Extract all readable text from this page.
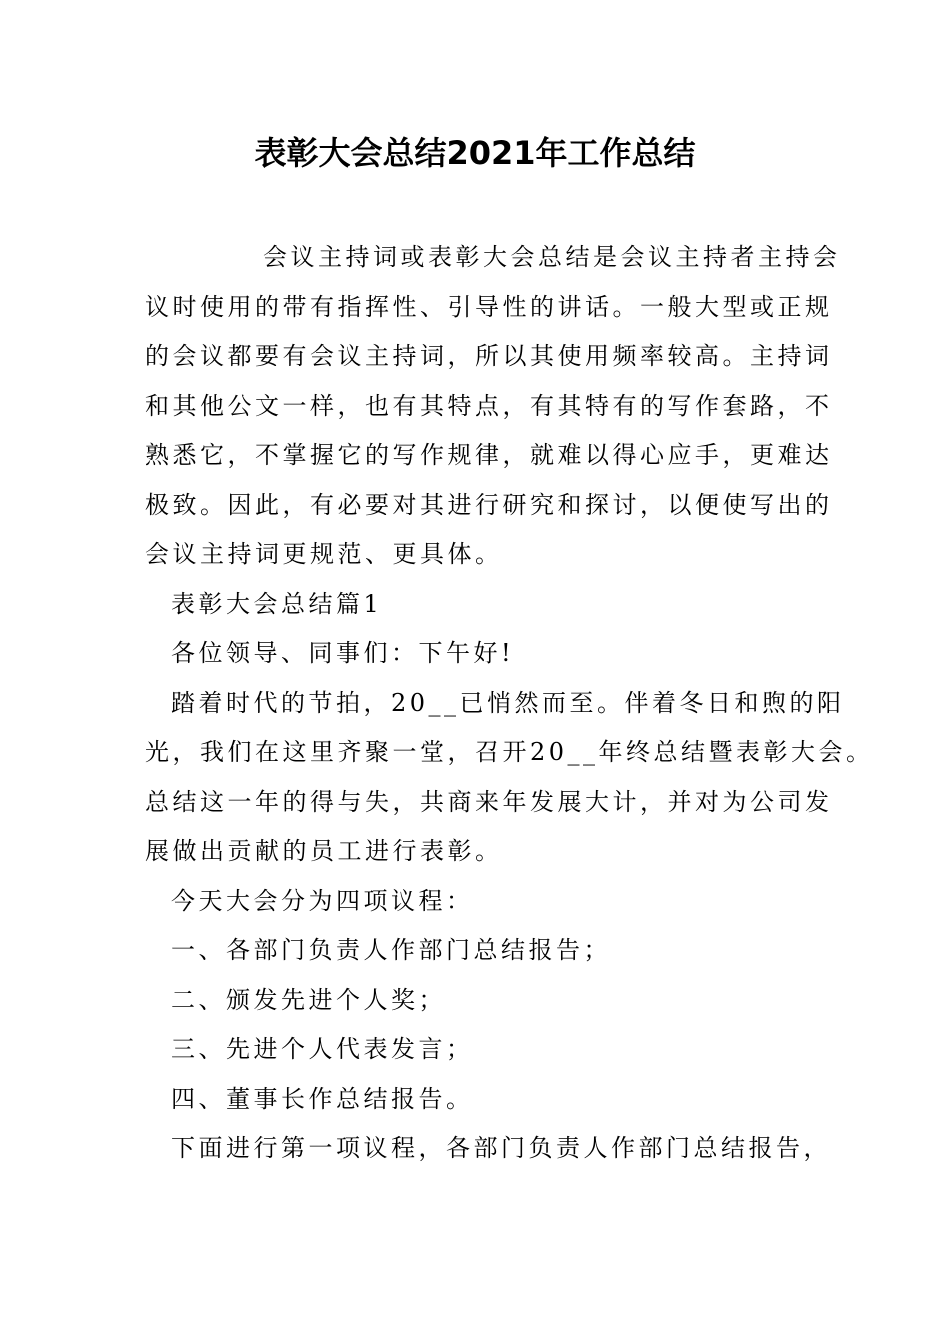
表彰大会总结2021年工作总结
会议主持词或表彰大会总结是会议主持者主持会
议时使用的带有指挥性、引导性的讲话。一般大型或正规
的会议都要有会议主持词，所以其使用频率较高。主持词
和其他公文一样，也有其特点，有其特有的写作套路，不
熟悉它，不掌握它的写作规律，就难以得心应手，更难达
极致。因此，有必要对其进行研究和探讨，以便使写出的
会议主持词更规范、更具体。
表彰大会总结篇1
各位领导、同事们：下午好!
踏着时代的节拍，20__已悄然而至。伴着冬日和煦的阳
光，我们在这里齐聚一堂，召开20__年终总结暨表彰大会。
总结这一年的得与失，共商来年发展大计，并对为公司发
展做出贡献的员工进行表彰。
今天大会分为四项议程：
一、各部门负责人作部门总结报告；
二、颁发先进个人奖；
三、先进个人代表发言；
四、董事长作总结报告。
下面进行第一项议程，各部门负责人作部门总结报告，
